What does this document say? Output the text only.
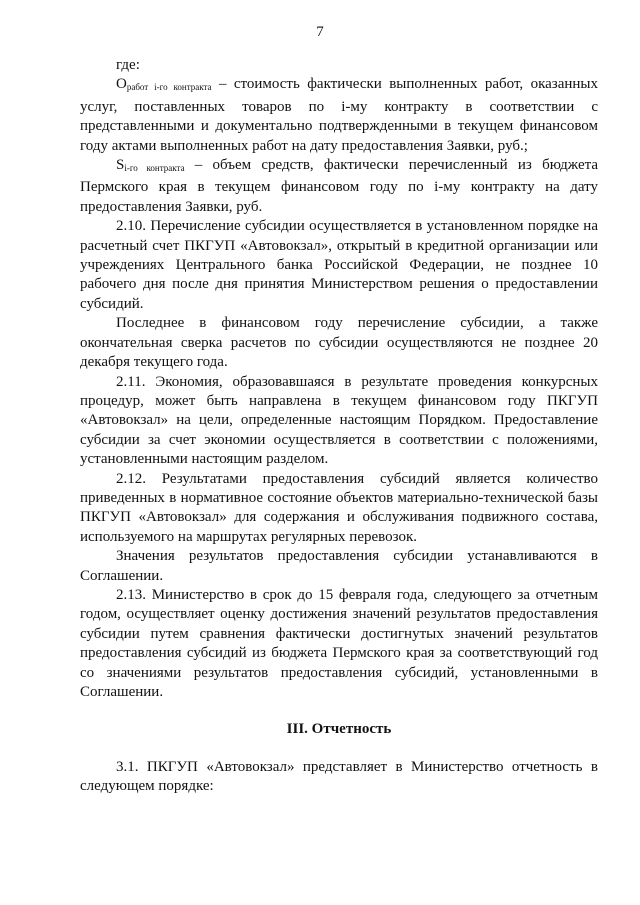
7

где:

$O_{работ i-го контракта}$ – стоимость фактически выполненных работ, оказанных услуг, поставленных товаров по i-му контракту в соответствии с представленными и документально подтвержденными в текущем финансовом году актами выполненных работ на дату предоставления Заявки, руб.;

$S_{i-го контракта}$ – объем средств, фактически перечисленный из бюджета Пермского края в текущем финансовом году по i-му контракту на дату предоставления Заявки, руб.

2.10. Перечисление субсидии осуществляется в установленном порядке на расчетный счет ПКГУП «Автовокзал», открытый в кредитной организации или учреждениях Центрального банка Российской Федерации, не позднее 10 рабочего дня после дня принятия Министерством решения о предоставлении субсидий.

Последнее в финансовом году перечисление субсидии, а также окончательная сверка расчетов по субсидии осуществляются не позднее 20 декабря текущего года.

2.11. Экономия, образовавшаяся в результате проведения конкурсных процедур, может быть направлена в текущем финансовом году ПКГУП «Автовокзал» на цели, определенные настоящим Порядком. Предоставление субсидии за счет экономии осуществляется в соответствии с положениями, установленными настоящим разделом.

2.12. Результатами предоставления субсидий является количество приведенных в нормативное состояние объектов материально-технической базы ПКГУП «Автовокзал» для содержания и обслуживания подвижного состава, используемого на маршрутах регулярных перевозок.

Значения результатов предоставления субсидии устанавливаются в Соглашении.

2.13. Министерство в срок до 15 февраля года, следующего за отчетным годом, осуществляет оценку достижения значений результатов предоставления субсидии путем сравнения фактически достигнутых значений результатов предоставления субсидий из бюджета Пермского края за соответствующий год со значениями результатов предоставления субсидий, установленными в Соглашении.

III. Отчетность

3.1. ПКГУП «Автовокзал» представляет в Министерство отчетность в следующем порядке:
